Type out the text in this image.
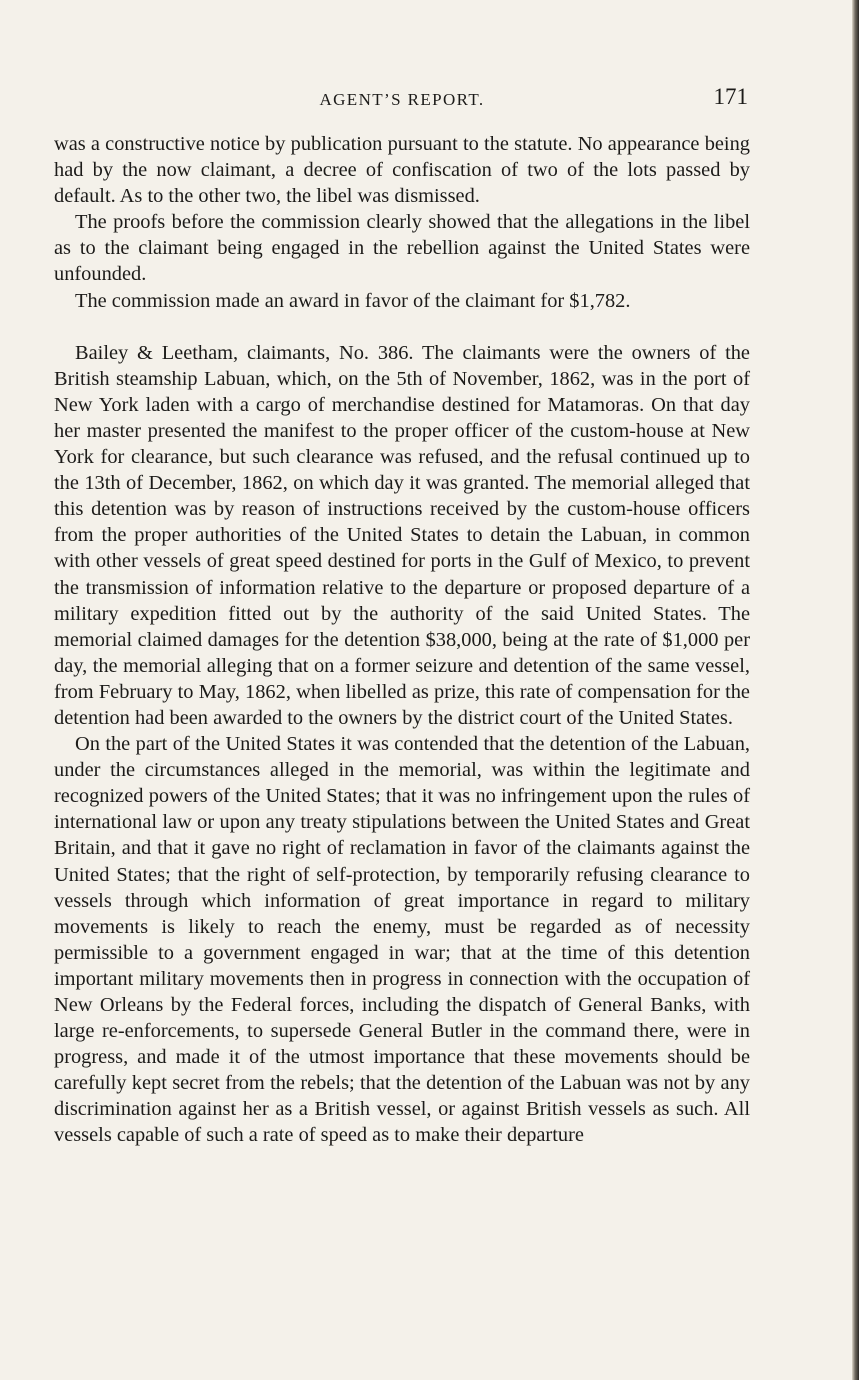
AGENT’S REPORT.	171

was a constructive notice by publication pursuant to the statute. No appearance being had by the now claimant, a decree of confiscation of two of the lots passed by default. As to the other two, the libel was dismissed.

The proofs before the commission clearly showed that the allegations in the libel as to the claimant being engaged in the rebellion against the United States were unfounded.

The commission made an award in favor of the claimant for $1,782.

Bailey & Leetham, claimants, No. 386. The claimants were the owners of the British steamship Labuan, which, on the 5th of November, 1862, was in the port of New York laden with a cargo of merchandise destined for Matamoras. On that day her master presented the manifest to the proper officer of the custom-house at New York for clearance, but such clearance was refused, and the refusal continued up to the 13th of December, 1862, on which day it was granted. The memorial alleged that this detention was by reason of instructions received by the custom-house officers from the proper authorities of the United States to detain the Labuan, in common with other vessels of great speed destined for ports in the Gulf of Mexico, to prevent the transmission of information relative to the departure or proposed departure of a military expedition fitted out by the authority of the said United States. The memorial claimed damages for the detention $38,000, being at the rate of $1,000 per day, the memorial alleging that on a former seizure and detention of the same vessel, from February to May, 1862, when libelled as prize, this rate of compensation for the detention had been awarded to the owners by the district court of the United States.

On the part of the United States it was contended that the detention of the Labuan, under the circumstances alleged in the memorial, was within the legitimate and recognized powers of the United States; that it was no infringement upon the rules of international law or upon any treaty stipulations between the United States and Great Britain, and that it gave no right of reclamation in favor of the claimants against the United States; that the right of self-protection, by temporarily refusing clearance to vessels through which information of great importance in regard to military movements is likely to reach the enemy, must be regarded as of necessity permissible to a government engaged in war; that at the time of this detention important military movements then in progress in connection with the occupation of New Orleans by the Federal forces, including the dispatch of General Banks, with large re-enforcements, to supersede General Butler in the command there, were in progress, and made it of the utmost importance that these movements should be carefully kept secret from the rebels; that the detention of the Labuan was not by any discrimination against her as a British vessel, or against British vessels as such. All vessels capable of such a rate of speed as to make their departure
